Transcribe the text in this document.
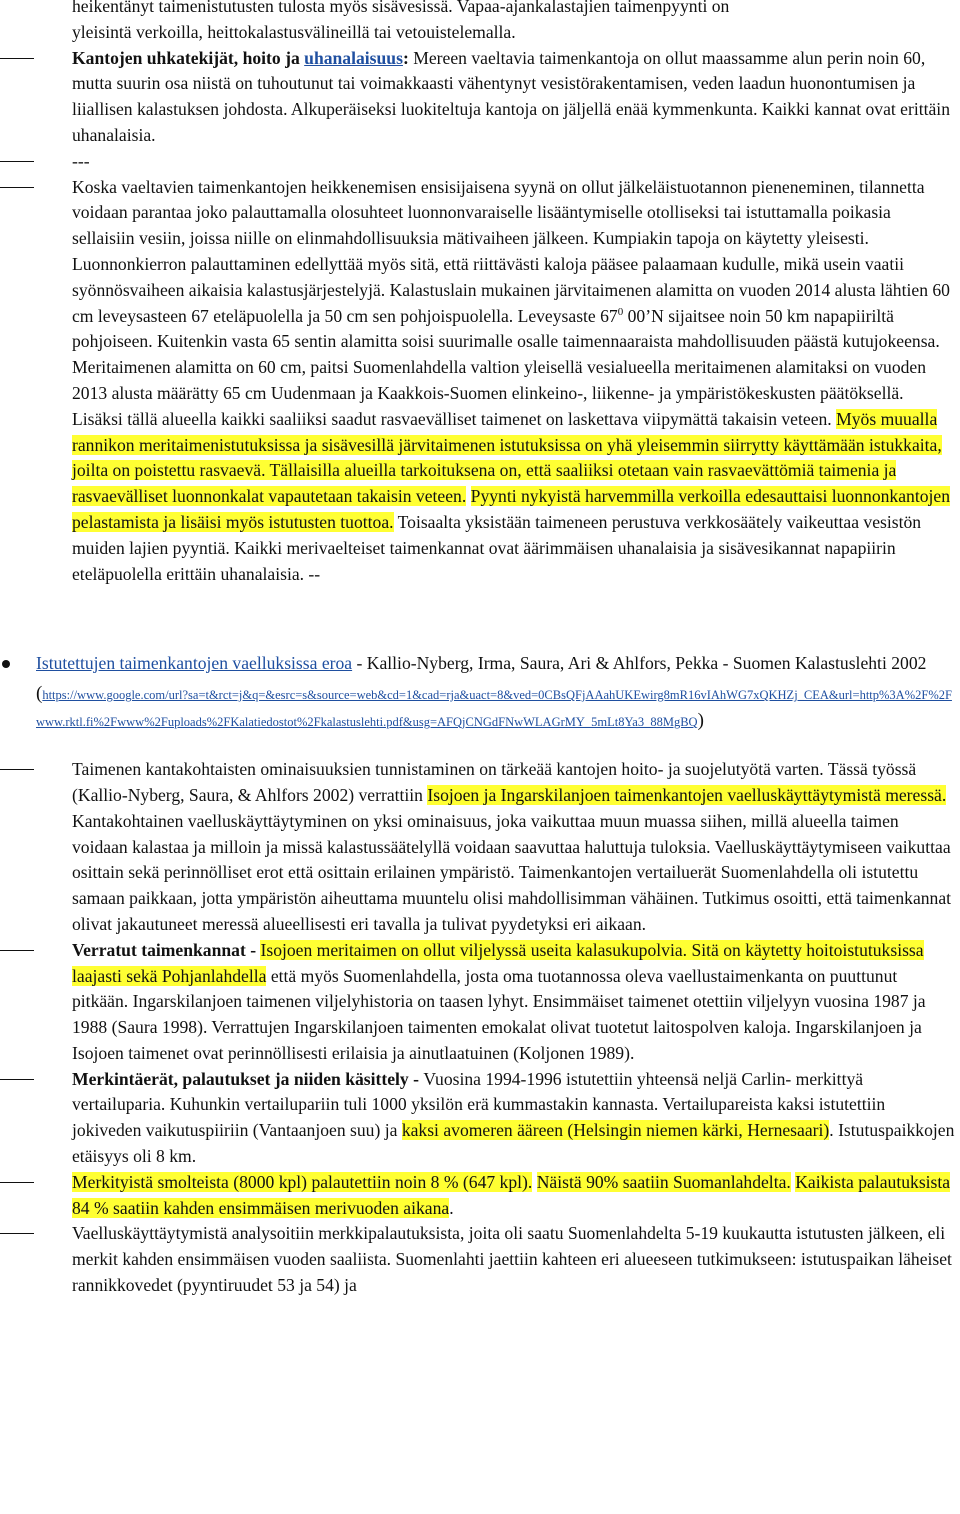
heikentänyt taimenistutusten tulosta myös sisävesissä. Vapaa-ajankalastajien taimenpyynti on
yleisintä verkoilla, heittokalastusvälineillä tai vetouistelemalla.
Kantojen uhkatekijät, hoito ja uhanalaisuus: Mereen vaeltavia taimenkantoja on ollut maassamme alun perin noin 60, mutta suurin osa niistä on tuhoutunut tai voimakkaasti vähentynyt vesistörakentamisen, veden laadun huonontumisen ja liiallisen kalastuksen johdosta. Alkuperäiseksi luokiteltuja kantoja on jäljellä enää kymmenkunta. Kaikki kannat ovat erittäin uhanalaisia.
---
Koska vaeltavien taimenkantojen heikkenemisen ensisijaisena syynä on ollut jälkeläistuotannon pieneneminen, tilannetta voidaan parantaa joko palauttamalla olosuhteet luonnonvaraiselle lisääntymiselle otolliseksi tai istuttamalla poikasia sellaisiin vesiin, joissa niille on elinmahdollisuuksia mätivaiheen jälkeen. Kumpiakin tapoja on käytetty yleisesti. Luonnonkierron palauttaminen edellyttää myös sitä, että riittävästi kaloja pääsee palaamaan kudulle, mikä usein vaatii syönnösvaiheen aikaisia kalastusjärjestelyjä. Kalastuslain mukainen järvitaimenen alamitta on vuoden 2014 alusta lähtien 60 cm leveysasteen 67 eteläpuolella ja 50 cm sen pohjoispuolella. Leveysaste $67^0$ 00’N sijaitsee noin 50 km napapiiriltä pohjoiseen. Kuitenkin vasta 65 sentin alamitta soisi suurimalle osalle taimennaaraista mahdollisuuden päästä kutujokeensa. Meritaimenen alamitta on 60 cm, paitsi Suomenlahdella valtion yleisellä vesialueella meritaimenen alamitaksi on vuoden 2013 alusta määrätty 65 cm Uudenmaan ja Kaakkois-Suomen elinkeino-, liikenne- ja ympäristökeskusten päätöksellä. Lisäksi tällä alueella kaikki saaliiksi saadut rasvaevälliset taimenet on laskettava viipymättä takaisin veteen. Myös muualla rannikon meritaimenistutuksissa ja sisävesillä järvitaimenen istutuksissa on yhä yleisemmin siirrytty käyttämään istukkaita, joilta on poistettu rasvaevä. Tällaisilla alueilla tarkoituksena on, että saaliiksi otetaan vain rasvaevättömiä taimenia ja rasvaevälliset luonnonkalat vapautetaan takaisin veteen. Pyynti nykyistä harvemmilla verkoilla edesauttaisi luonnonkantojen pelastamista ja lisäisi myös istutusten tuottoa. Toisaalta yksistään taimeneen perustuva verkkosäätely vaikeuttaa vesistön muiden lajien pyyntiä. Kaikki merivaelteiset taimenkannat ovat äärimmäisen uhanalaisia ja sisävesikannat napapiirin eteläpuolella erittäin uhanalaisia. --
Istutettujen taimenkantojen vaelluksissa eroa - Kallio-Nyberg, Irma, Saura, Ari & Ahlfors, Pekka - Suomen Kalastuslehti 2002
(https://www.google.com/url?sa=t&rct=j&q=&esrc=s&source=web&cd=1&cad=rja&uact=8&ved=0CBsQFjAAahUKEwirg8mR16vIAhWG7xQKHZj_CEA&url=http%3A%2F%2Fwww.rktl.fi%2Fwww%2Fuploads%2FKalatiedostot%2Fkalastuslehti.pdf&usg=AFQjCNGdFNwWLAGrMY_5mLt8Ya3_88MgBQ)
Taimenen kantakohtaisten ominaisuuksien tunnistaminen on tärkeää kantojen hoito- ja suojelutyötä varten. Tässä työssä (Kallio-Nyberg, Saura, & Ahlfors 2002) verrattiin Isojoen ja Ingarskilanjoen taimenkantojen vaelluskäyttäytymistä meressä. Kantakohtainen vaelluskäyttäytyminen on yksi ominaisuus, joka vaikuttaa muun muassa siihen, millä alueella taimen voidaan kalastaa ja milloin ja missä kalastussäätelyllä voidaan saavuttaa haluttuja tuloksia. Vaelluskäyttäytymiseen vaikuttaa osittain sekä perinnölliset erot että osittain erilainen ympäristö. Taimenkantojen vertailuerät Suomenlahdella oli istutettu samaan paikkaan, jotta ympäristön aiheuttama muuntelu olisi mahdollisimman vähäinen. Tutkimus osoitti, että taimenkannat olivat jakautuneet meressä alueellisesti eri tavalla ja tulivat pyydetyksi eri aikaan.
Verratut taimenkannat - Isojoen meritaimen on ollut viljelyssä useita kalasukupolvia. Sitä on käytetty hoitoistutuksissa laajasti sekä Pohjanlahdella että myös Suomenlahdella, josta oma tuotannossa oleva vaellustaimenkanta on puuttunut pitkään. Ingarskilanjoen taimenen viljelyhistoria on taasen lyhyt. Ensimmäiset taimenet otettiin viljelyyn vuosina 1987 ja 1988 (Saura 1998). Verrattujen Ingarskilanjoen taimenten emokalat olivat tuotetut laitospolven kaloja. Ingarskilanjoen ja Isojoen taimenet ovat perinnöllisesti erilaisia ja ainutlaatuinen (Koljonen 1989).
Merkintäerät, palautukset ja niiden käsittely - Vuosina 1994-1996 istutettiin yhteensä neljä Carlin- merkittyä vertailuparia. Kuhunkin vertailupariin tuli 1000 yksilön erä kummastakin kannasta. Vertailupareista kaksi istutettiin jokiveden vaikutuspiiriin (Vantaanjoen suu) ja kaksi avomeren ääreen (Helsingin niemen kärki, Hernesaari). Istutuspaikkojen etäisyys oli 8 km.
Merkityistä smolteista (8000 kpl) palautettiin noin 8 % (647 kpl). Näistä 90% saatiin Suomanlahdelta. Kaikista palautuksista 84 % saatiin kahden ensimmäisen merivuoden aikana.
Vaelluskäyttäytymistä analysoitiin merkkipalautuksista, joita oli saatu Suomenlahdelta 5-19 kuukautta istutusten jälkeen, eli merkit kahden ensimmäisen vuoden saaliista. Suomenlahti jaettiin kahteen eri alueeseen tutkimukseen: istutuspaikan läheiset rannikkovedet (pyyntiruudet 53 ja 54) ja
